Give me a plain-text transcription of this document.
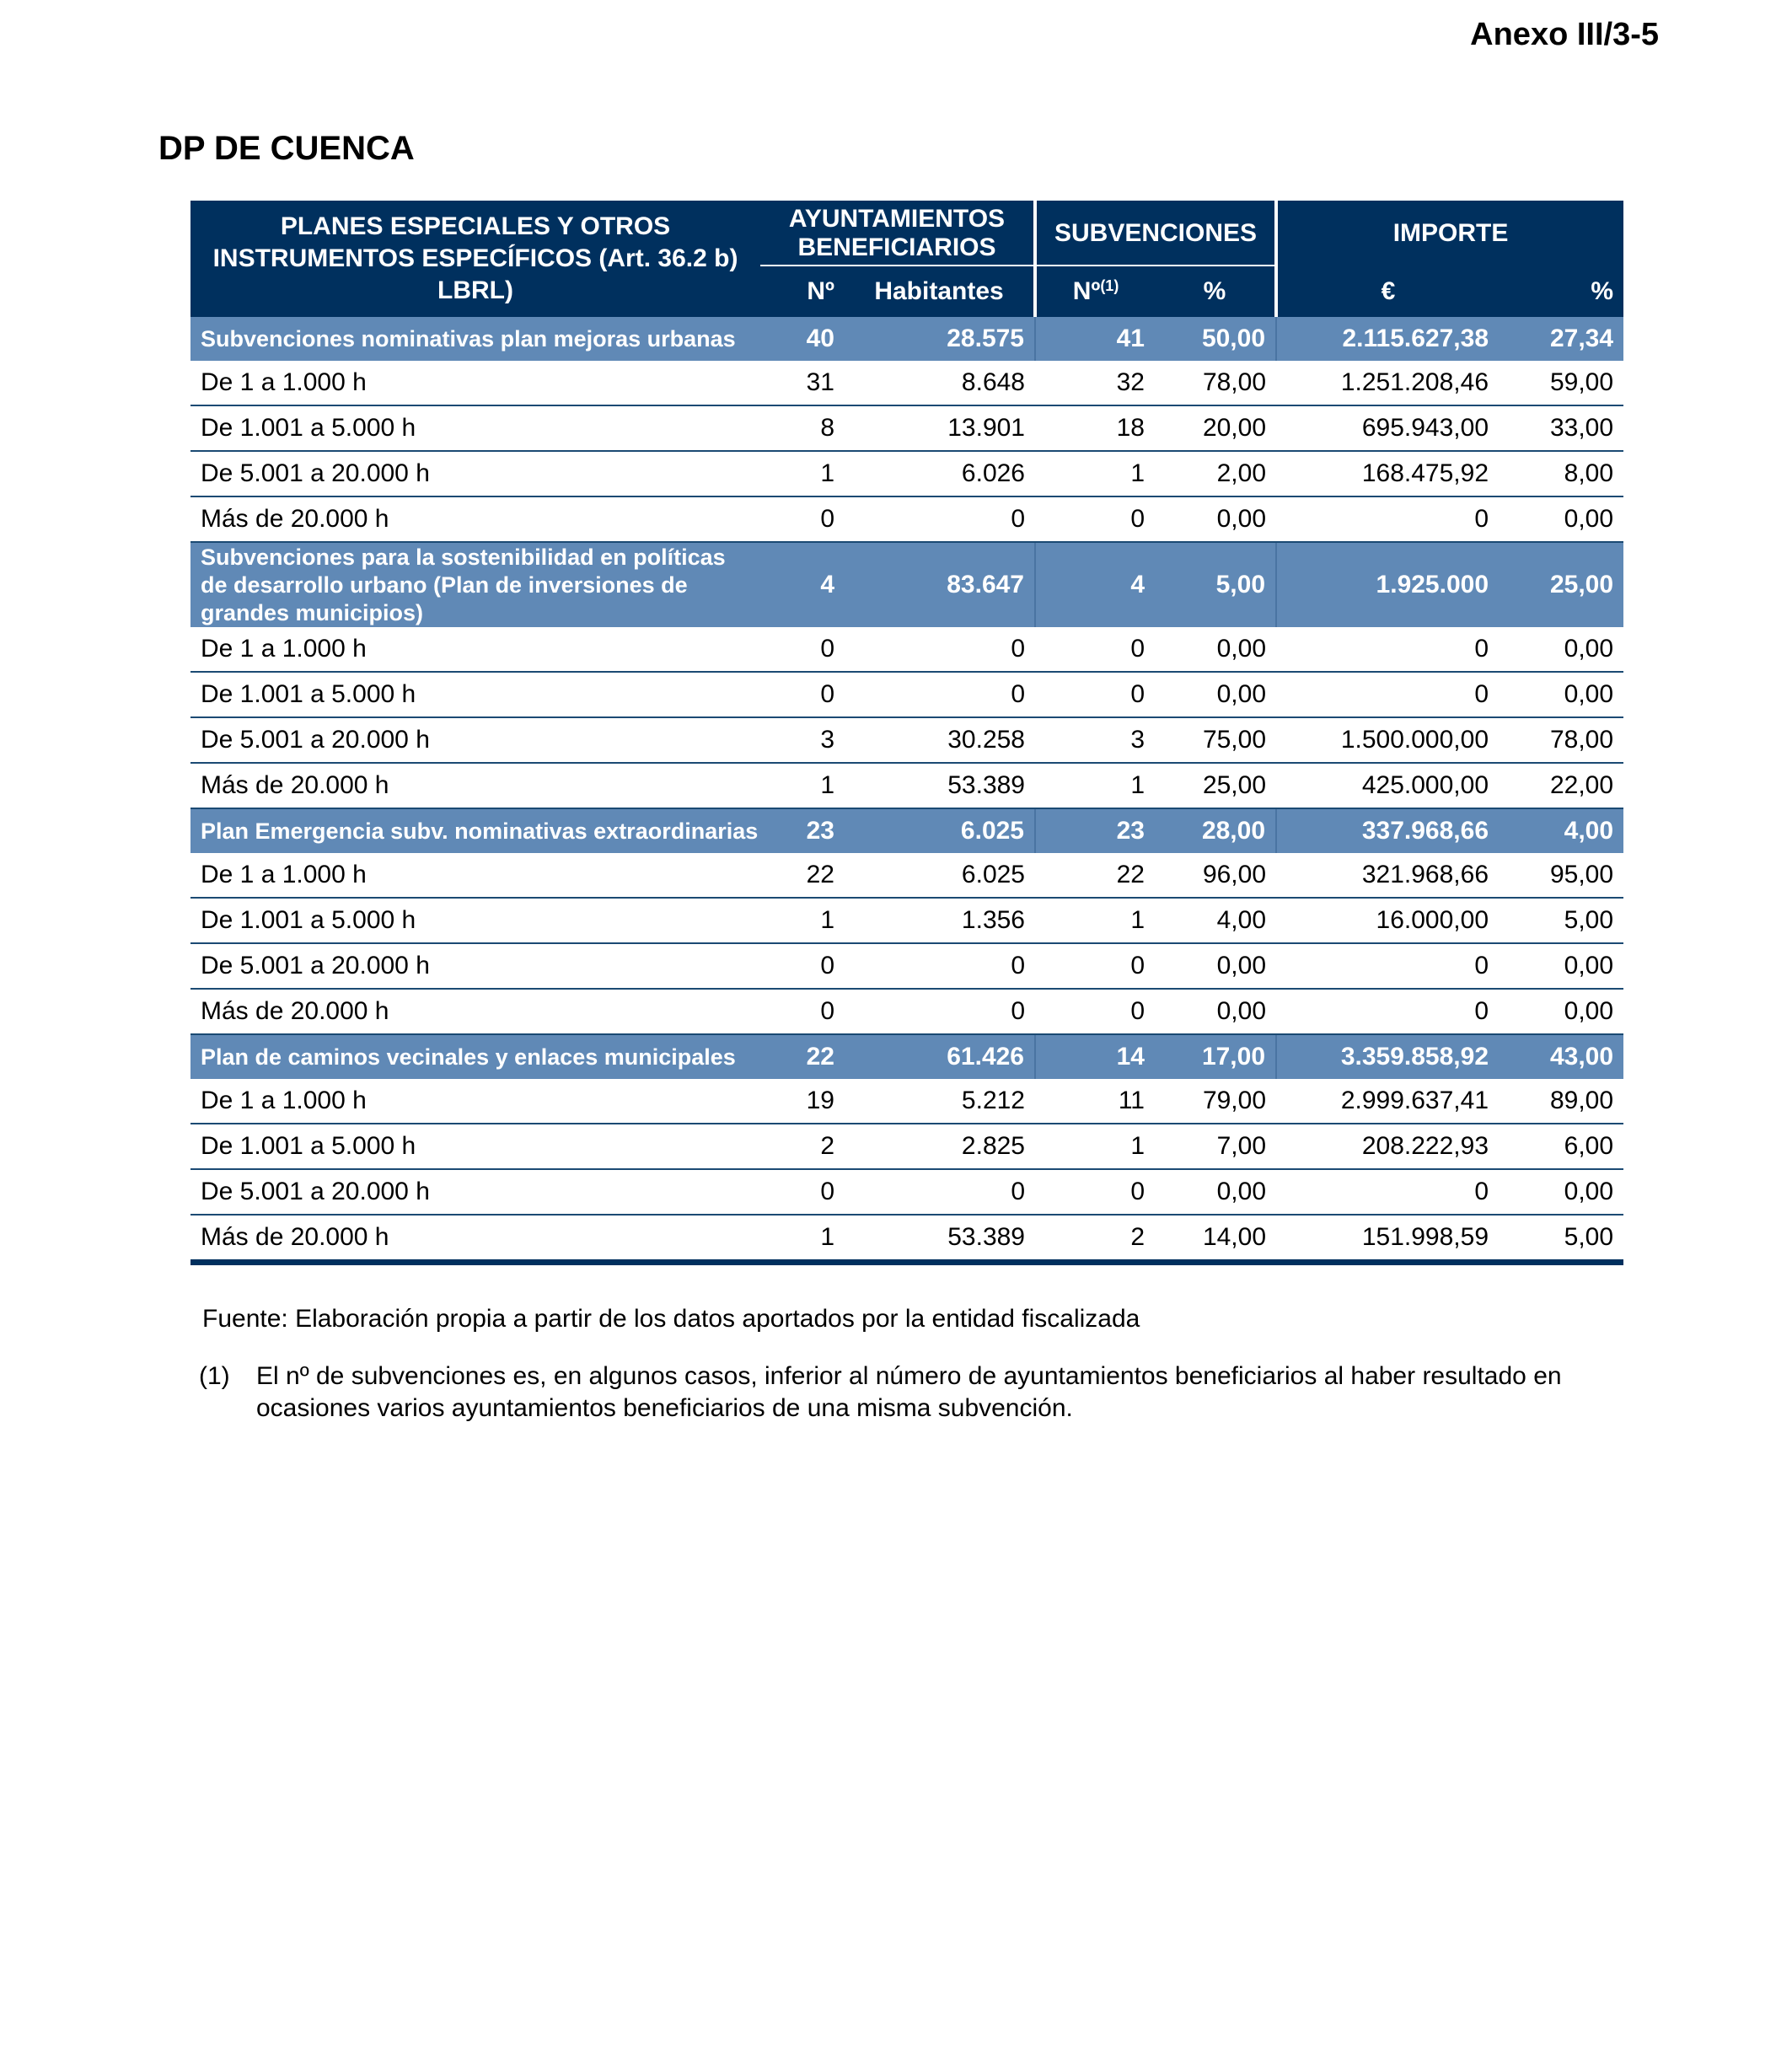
Anexo III/3-5
DP DE CUENCA
PLANES ESPECIALES Y OTROS INSTRUMENTOS ESPECÍFICOS (Art. 36.2 b) LBRL)	AYUNTAMIENTOS BENEFICIARIOS		SUBVENCIONES		IMPORTE	
	Nº	Habitantes	Nº$^{(1)}$	%	€	%
Subvenciones nominativas plan mejoras urbanas	40	28.575	41	50,00	2.115.627,38	27,34
De 1 a 1.000 h	31	8.648	32	78,00	1.251.208,46	59,00
De 1.001 a 5.000 h	8	13.901	18	20,00	695.943,00	33,00
De 5.001 a 20.000 h	1	6.026	1	2,00	168.475,92	8,00
Más de 20.000 h	0	0	0	0,00	0	0,00
Subvenciones para la sostenibilidad en políticas de desarrollo urbano (Plan de inversiones de grandes municipios)	4	83.647	4	5,00	1.925.000	25,00
De 1 a 1.000 h	0	0	0	0,00	0	0,00
De 1.001 a 5.000 h	0	0	0	0,00	0	0,00
De 5.001 a 20.000 h	3	30.258	3	75,00	1.500.000,00	78,00
Más de 20.000 h	1	53.389	1	25,00	425.000,00	22,00
Plan Emergencia subv. nominativas extraordinarias	23	6.025	23	28,00	337.968,66	4,00
De 1 a 1.000 h	22	6.025	22	96,00	321.968,66	95,00
De 1.001 a 5.000 h	1	1.356	1	4,00	16.000,00	5,00
De 5.001 a 20.000 h	0	0	0	0,00	0	0,00
Más de 20.000 h	0	0	0	0,00	0	0,00
Plan de caminos vecinales y enlaces municipales	22	61.426	14	17,00	3.359.858,92	43,00
De 1 a 1.000 h	19	5.212	11	79,00	2.999.637,41	89,00
De 1.001 a 5.000 h	2	2.825	1	7,00	208.222,93	6,00
De 5.001 a 20.000 h	0	0	0	0,00	0	0,00
Más de 20.000 h	1	53.389	2	14,00	151.998,59	5,00
Fuente: Elaboración propia a partir de los datos aportados por la entidad fiscalizada
(1) El nº de subvenciones es, en algunos casos, inferior al número de ayuntamientos beneficiarios al haber resultado en ocasiones varios ayuntamientos beneficiarios de una misma subvención.
